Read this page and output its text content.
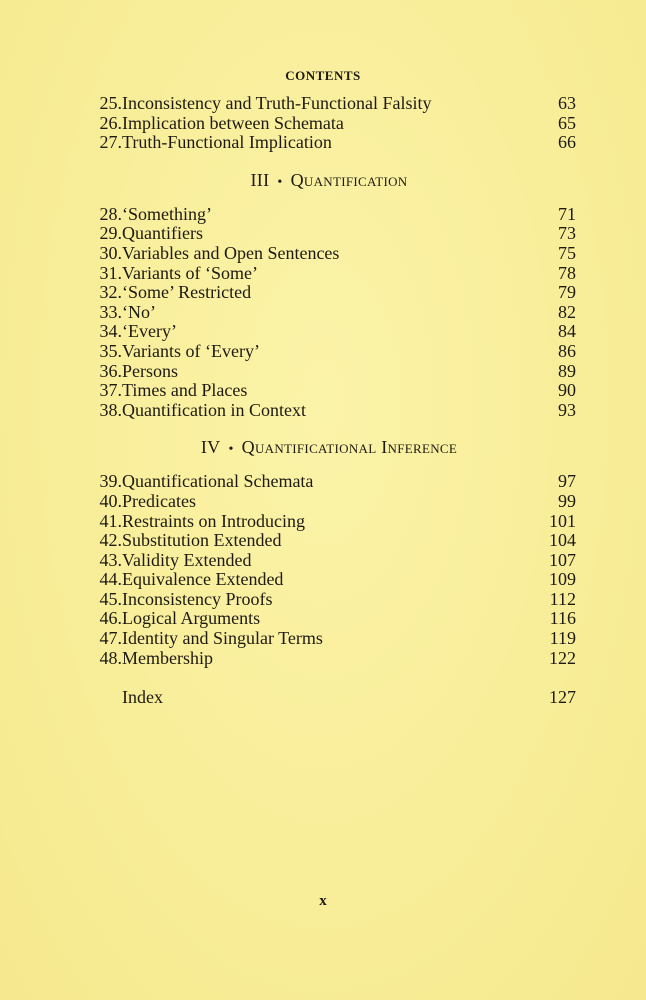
CONTENTS
25. Inconsistency and Truth-Functional Falsity	63
26. Implication between Schemata	65
27. Truth-Functional Implication	66
III • Quantification
28. ‘Something’	71
29. Quantifiers	73
30. Variables and Open Sentences	75
31. Variants of ‘Some’	78
32. ‘Some’ Restricted	79
33. ‘No’	82
34. ‘Every’	84
35. Variants of ‘Every’	86
36. Persons	89
37. Times and Places	90
38. Quantification in Context	93
IV • Quantificational Inference
39. Quantificational Schemata	97
40. Predicates	99
41. Restraints on Introducing	101
42. Substitution Extended	104
43. Validity Extended	107
44. Equivalence Extended	109
45. Inconsistency Proofs	112
46. Logical Arguments	116
47. Identity and Singular Terms	119
48. Membership	122
Index	127
x
